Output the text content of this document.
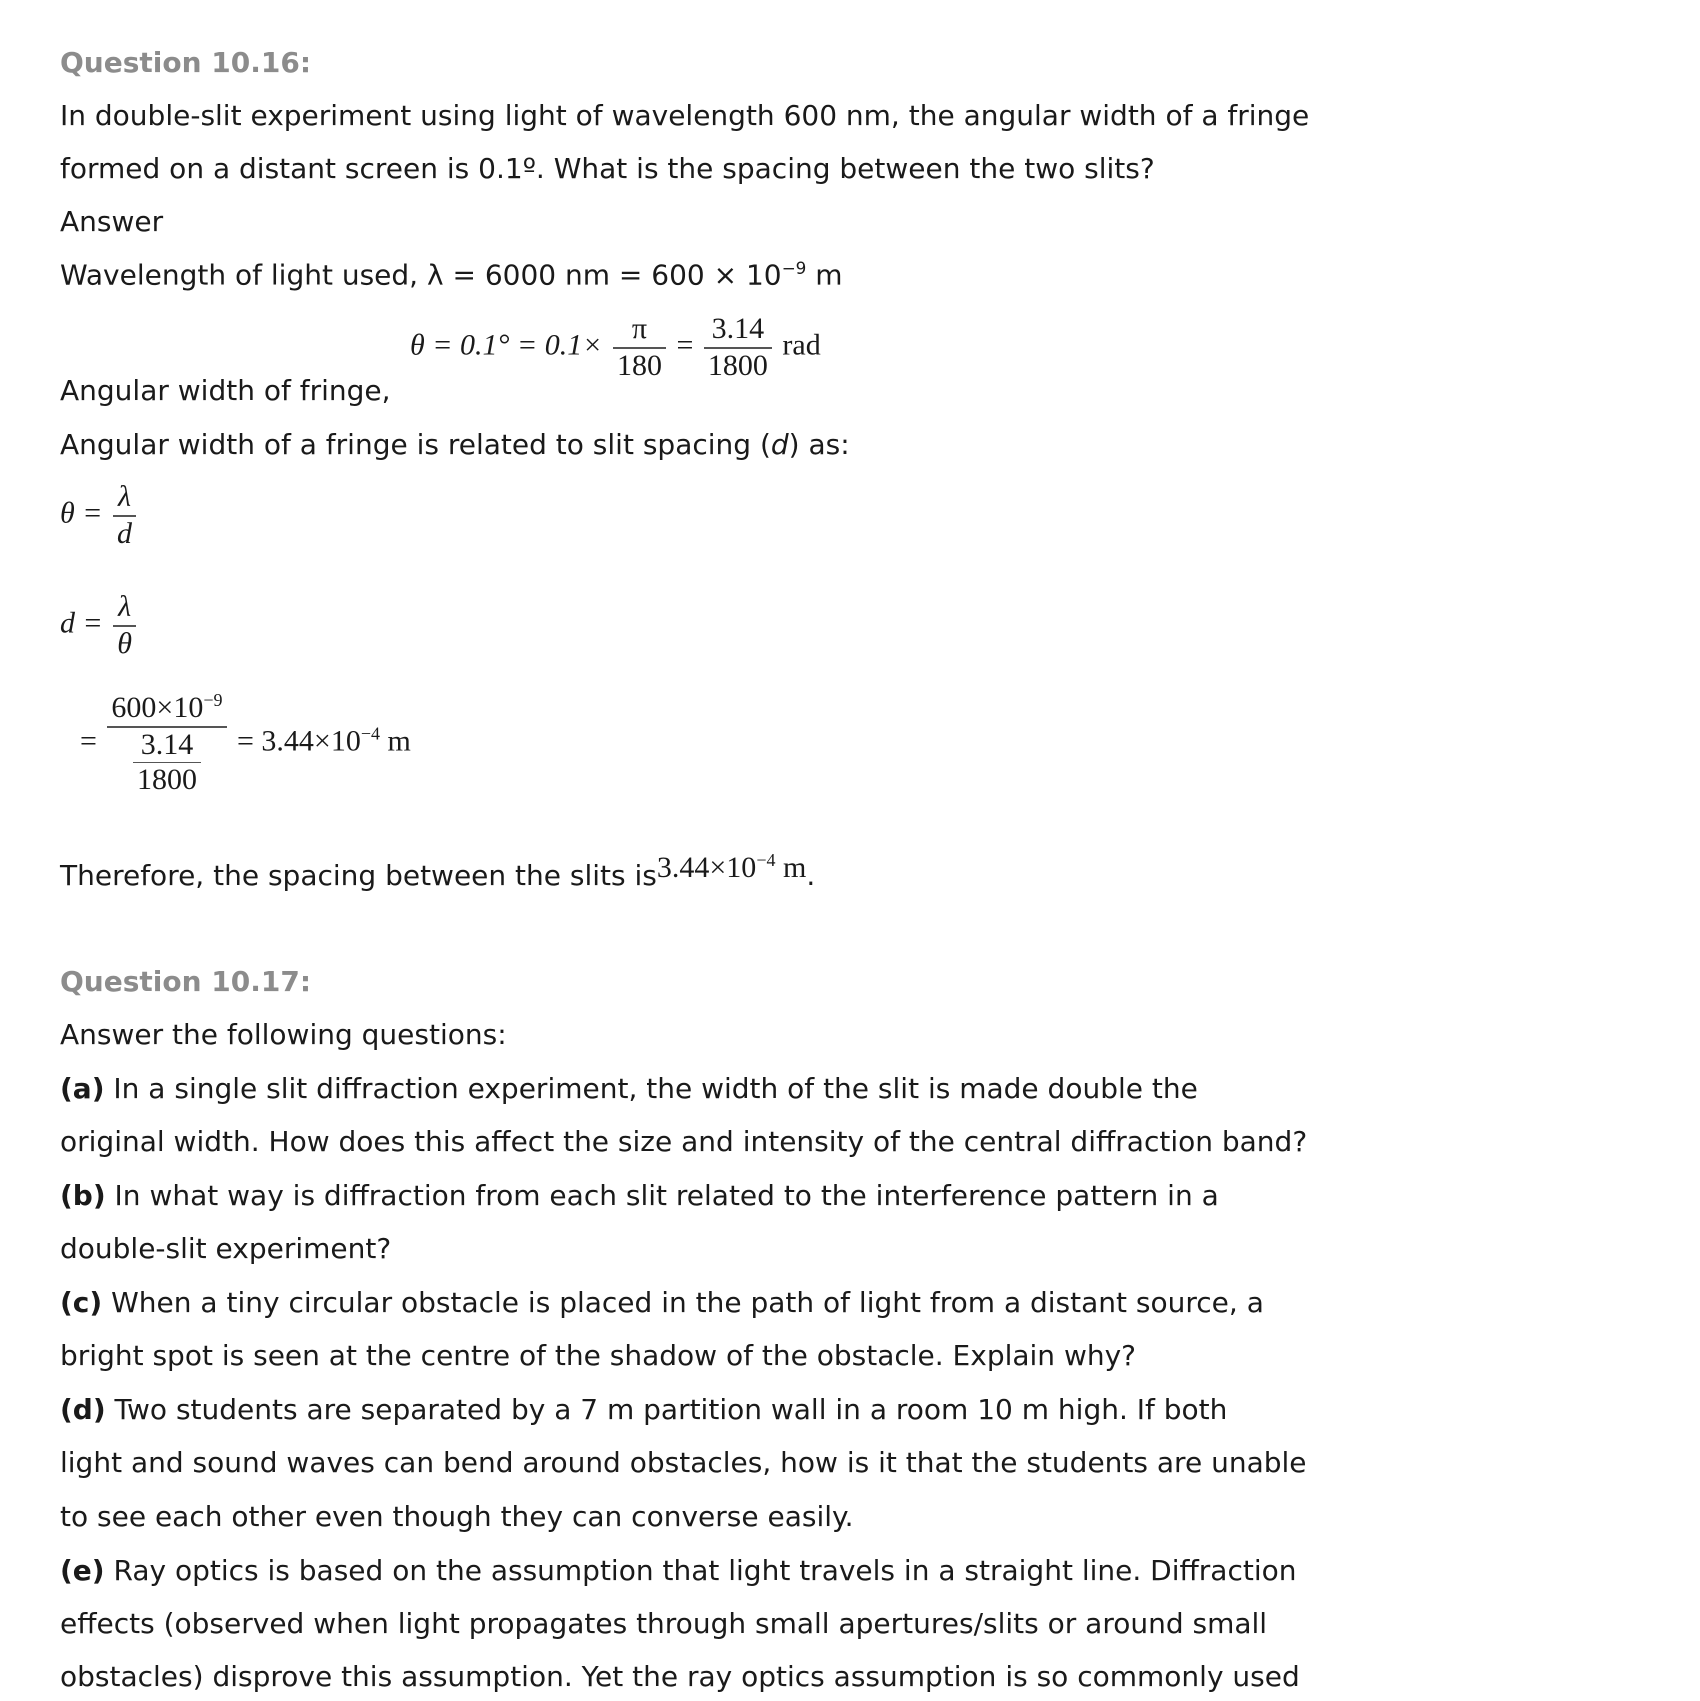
Question 10.16:
In double-slit experiment using light of wavelength 600 nm, the angular width of a fringe
formed on a distant screen is 0.1º. What is the spacing between the two slits?
Answer
Wavelength of light used, λ = 6000 nm = $600 \times 10^{-9}$ m
$\theta = 0.1^\circ = 0.1\times \frac{\pi}{180} = \frac{3.14}{1800}$ rad
Angular width of fringe,
Angular width of a fringe is related to slit spacing (d) as:
$\theta = \frac{\lambda}{d}$
$d = \frac{\lambda}{\theta}$
= $\frac{600\times 10^{-9}}{\frac{3.14}{1800}} = 3.44\times 10^{-4}$ m
Therefore, the spacing between the slits $is3.44\times 10^{-4}$ m.
Question 10.17:
Answer the following questions:
(a) In a single slit diffraction experiment, the width of the slit is made double the
original width. How does this affect the size and intensity of the central diffraction band?
(b) In what way is diffraction from each slit related to the interference pattern in a
double-slit experiment?
(c) When a tiny circular obstacle is placed in the path of light from a distant source, a
bright spot is seen at the centre of the shadow of the obstacle. Explain why?
(d) Two students are separated by a 7 m partition wall in a room 10 m high. If both
light and sound waves can bend around obstacles, how is it that the students are unable
to see each other even though they can converse easily.
(e) Ray optics is based on the assumption that light travels in a straight line. Diffraction
effects (observed when light propagates through small apertures/slits or around small
obstacles) disprove this assumption. Yet the ray optics assumption is so commonly used
